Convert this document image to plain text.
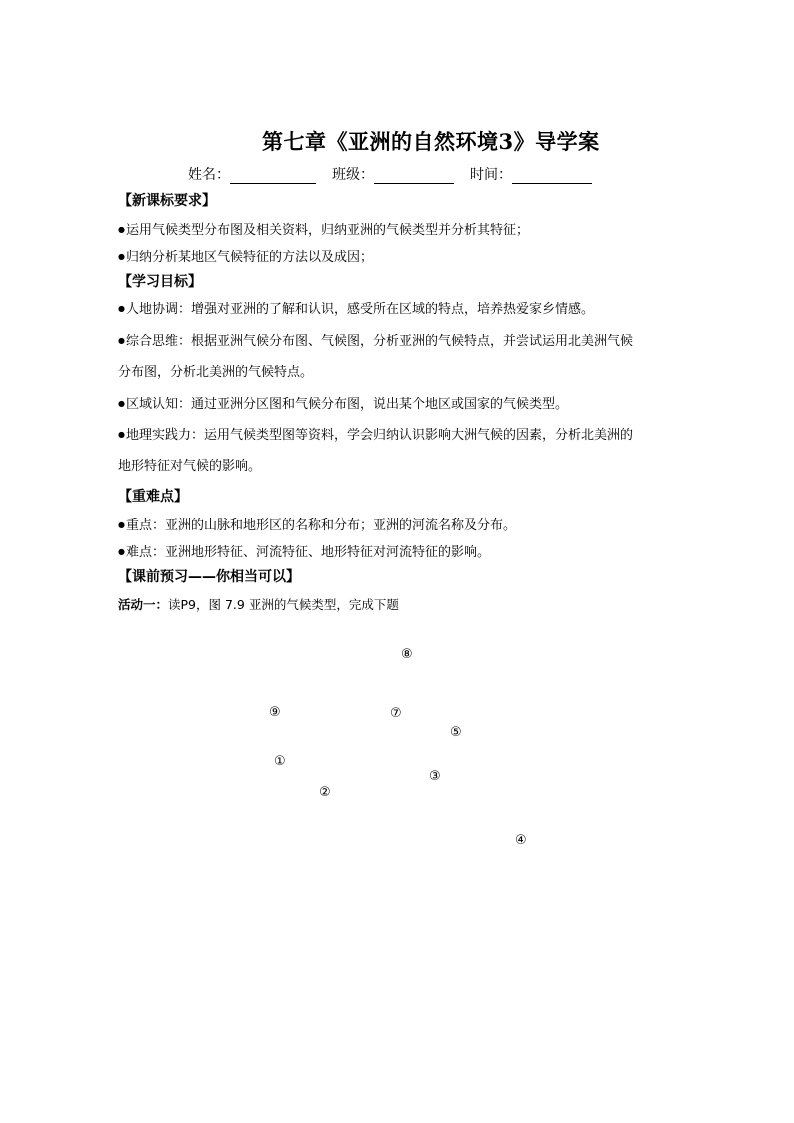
第七章《亚洲的自然环境3》导学案
姓名：	班级：	时间：
【新课标要求】
●运用气候类型分布图及相关资料，归纳亚洲的气候类型并分析其特征；
●归纳分析某地区气候特征的方法以及成因；
【学习目标】
●人地协调：增强对亚洲的了解和认识，感受所在区域的特点，培养热爱家乡情感。
●综合思维：根据亚洲气候分布图、气候图，分析亚洲的气候特点，并尝试运用北美洲气候
分布图，分析北美洲的气候特点。
●区域认知：通过亚洲分区图和气候分布图，说出某个地区或国家的气候类型。
●地理实践力：运用气候类型图等资料，学会归纳认识影响大洲气候的因素，分析北美洲的
地形特征对气候的影响。
【重难点】
●重点：亚洲的山脉和地形区的名称和分布；亚洲的河流名称及分布。
●难点：亚洲地形特征、河流特征、地形特征对河流特征的影响。
【课前预习——你相当可以】
活动一：读P9，图 7.9 亚洲的气候类型，完成下题
⑧
⑨	⑦
⑤
①
③
②
④
